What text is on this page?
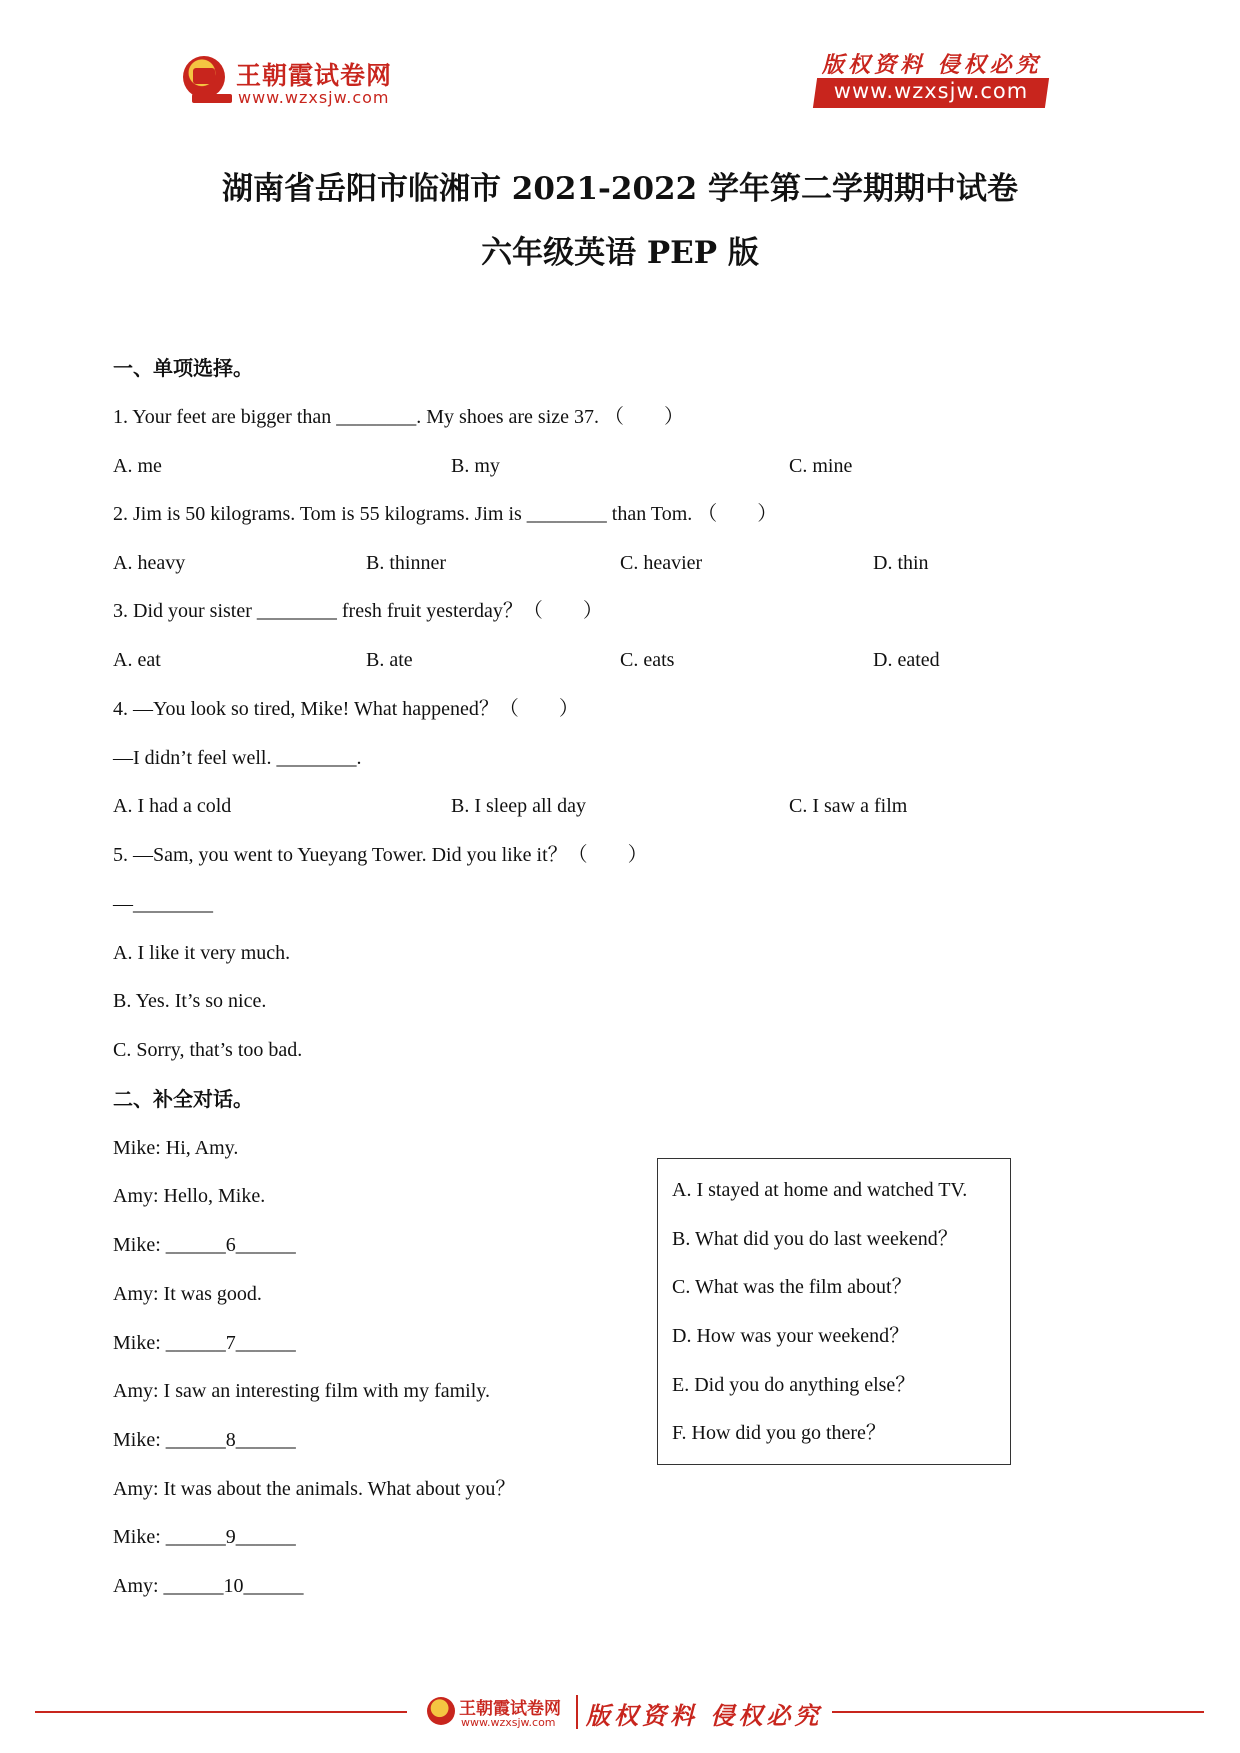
王朝霞试卷网
www.wzxsjw.com
版权资料 侵权必究
www.wzxsjw.com
湖南省岳阳市临湘市 2021-2022 学年第二学期期中试卷
六年级英语 PEP 版
一、单项选择。
1. Your feet are bigger than ________. My shoes are size 37. （　　）
A. me	B. my	C. mine
2. Jim is 50 kilograms. Tom is 55 kilograms. Jim is ________ than Tom. （　　）
A. heavy	B. thinner	C. heavier	D. thin
3. Did your sister ________ fresh fruit yesterday？（　　）
A. eat	B. ate	C. eats	D. eated
4. —You look so tired, Mike! What happened？（　　）
—I didn’t feel well. ________.
A. I had a cold	B. I sleep all day	C. I saw a film
5. —Sam, you went to Yueyang Tower. Did you like it？（　　）
—________
A. I like it very much.
B. Yes. It’s so nice.
C. Sorry, that’s too bad.
二、补全对话。
Mike: Hi, Amy.
Amy: Hello, Mike.
Mike: ______6______
Amy: It was good.
Mike: ______7______
Amy: I saw an interesting film with my family.
Mike: ______8______
Amy: It was about the animals. What about you？
Mike: ______9______
Amy: ______10______
A. I stayed at home and watched TV.
B. What did you do last weekend？
C. What was the film about？
D. How was your weekend？
E. Did you do anything else？
F. How did you go there？
王朝霞试卷网
www.wzxsjw.com 版权资料 侵权必究
